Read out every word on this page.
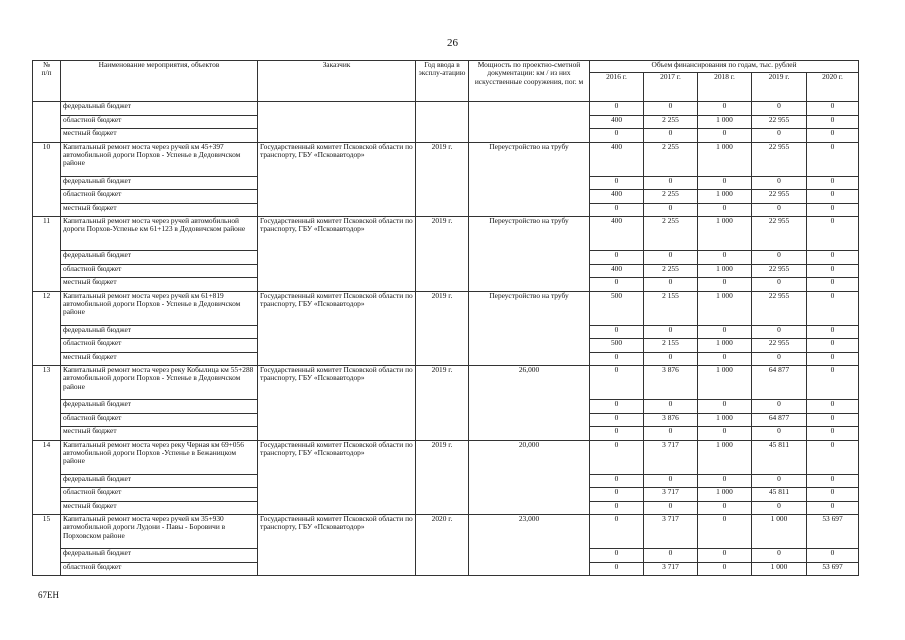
26
№
п/п	Наименование мероприятия, объектов	Заказчик	Год ввода в эксплу-атацию	Мощность по проектно-сметной документации: км / из них искусственные сооружения, пог. м	Объем финансирования по годам, тыс. рублей				
					2016 г.	2017 г.	2018 г.	2019 г.	2020 г.
	федеральный бюджет				0	0	0	0	0
	областной бюджет				400	2 255	1 000	22 955	0
	местный бюджет				0	0	0	0	0
10	Капитальный ремонт моста через ручей км 45+397 автомобильной дороги Порхов - Успенье в Дедовичском районе	Государственный комитет Псковской области по транспорту, ГБУ «Псковавтодор»	2019 г.	Переустройство на трубу	400	2 255	1 000	22 955	0
	федеральный бюджет				0	0	0	0	0
	областной бюджет				400	2 255	1 000	22 955	0
	местный бюджет				0	0	0	0	0
11	Капитальный ремонт моста через ручей автомобильной дороги Порхов-Успенье км 61+123 в Дедовичском районе	Государственный комитет Псковской области по транспорту, ГБУ «Псковавтодор»	2019 г.	Переустройство на трубу	400	2 255	1 000	22 955	0
	федеральный бюджет				0	0	0	0	0
	областной бюджет				400	2 255	1 000	22 955	0
	местный бюджет				0	0	0	0	0
12	Капитальный ремонт моста через ручей км 61+819 автомобильной дороги Порхов - Успенье в Дедовичском районе	Государственный комитет Псковской области по транспорту, ГБУ «Псковавтодор»	2019 г.	Переустройство на трубу	500	2 155	1 000	22 955	0
	федеральный бюджет				0	0	0	0	0
	областной бюджет				500	2 155	1 000	22 955	0
	местный бюджет				0	0	0	0	0
13	Капитальный ремонт моста через реку Кобылица км 55+288 автомобильной дороги Порхов - Успенье в Дедовичском районе	Государственный комитет Псковской области по транспорту, ГБУ «Псковавтодор»	2019 г.	26,000	0	3 876	1 000	64 877	0
	федеральный бюджет				0	0	0	0	0
	областной бюджет				0	3 876	1 000	64 877	0
	местный бюджет				0	0	0	0	0
14	Капитальный ремонт моста через реку Черная км 69+056 автомобильной дороги Порхов -Успенье в Бежаницком районе	Государственный комитет Псковской области по транспорту, ГБУ «Псковавтодор»	2019 г.	20,000	0	3 717	1 000	45 811	0
	федеральный бюджет				0	0	0	0	0
	областной бюджет				0	3 717	1 000	45 811	0
	местный бюджет				0	0	0	0	0
15	Капитальный ремонт моста через ручей км 35+930 автомобильной дороги Лудони - Павы - Боровичи в Порховском районе	Государственный комитет Псковской области по транспорту, ГБУ «Псковавтодор»	2020 г.	23,000	0	3 717	0	1 000	53 697
	федеральный бюджет				0	0	0	0	0
	областной бюджет				0	3 717	0	1 000	53 697
67ЕН
